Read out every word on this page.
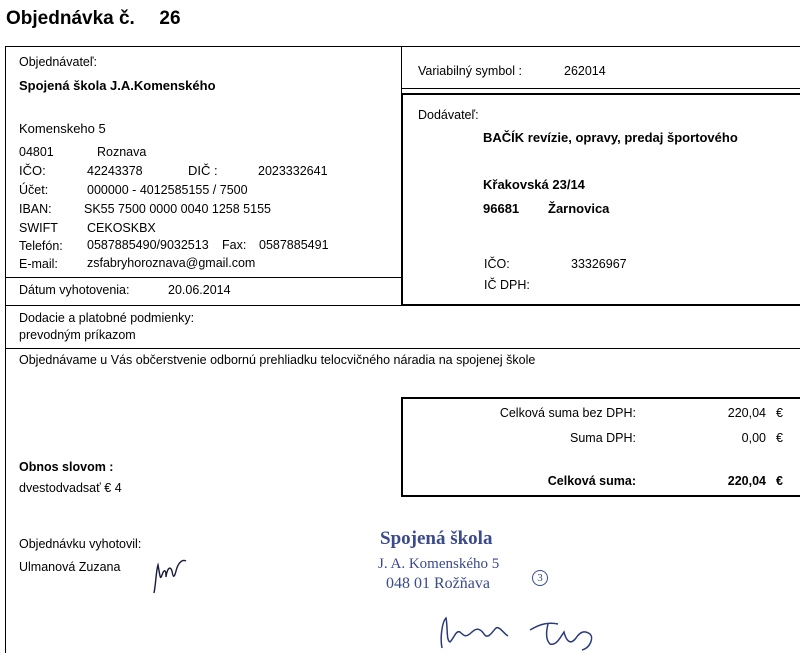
Objednávka č. 26
Objednávateľ:
Spojená škola J.A.Komenského
Komenskeho 5
04801	Roznava
IČO:	42243378	DIČ :	2023332641
Účet:	000000 - 4012585155 / 7500
IBAN:	SK55 7500 0000 0040 1258 5155
SWIFT CEKOSKBX
Telefón: 0587885490/9032513 Fax: 0587885491
E-mail: zsfabryhoroznava@gmail.com
Dátum vyhotovenia:	20.06.2014
Variabilný symbol :	262014
Dodávateľ:
BAČÍK revízie, opravy, predaj športového
Křakovská 23/14
96681 Žarnovica
IČO:	33326967
IČ DPH:
Dodacie a platobné podmienky:
prevodným príkazom
Objednávame u Vás občerstvenie odbornú prehliadku telocvičného náradia na spojenej škole
Celková suma bez DPH:	220,04 €
Suma DPH:	0,00 €
Celková suma:	220,04 €
Obnos slovom :
dvestodvadsať € 4
Objednávku vyhotovil:
Ulmanová Zuzana
Spojená škola
J. A. Komenského 5
048 01 Rožňava	3
